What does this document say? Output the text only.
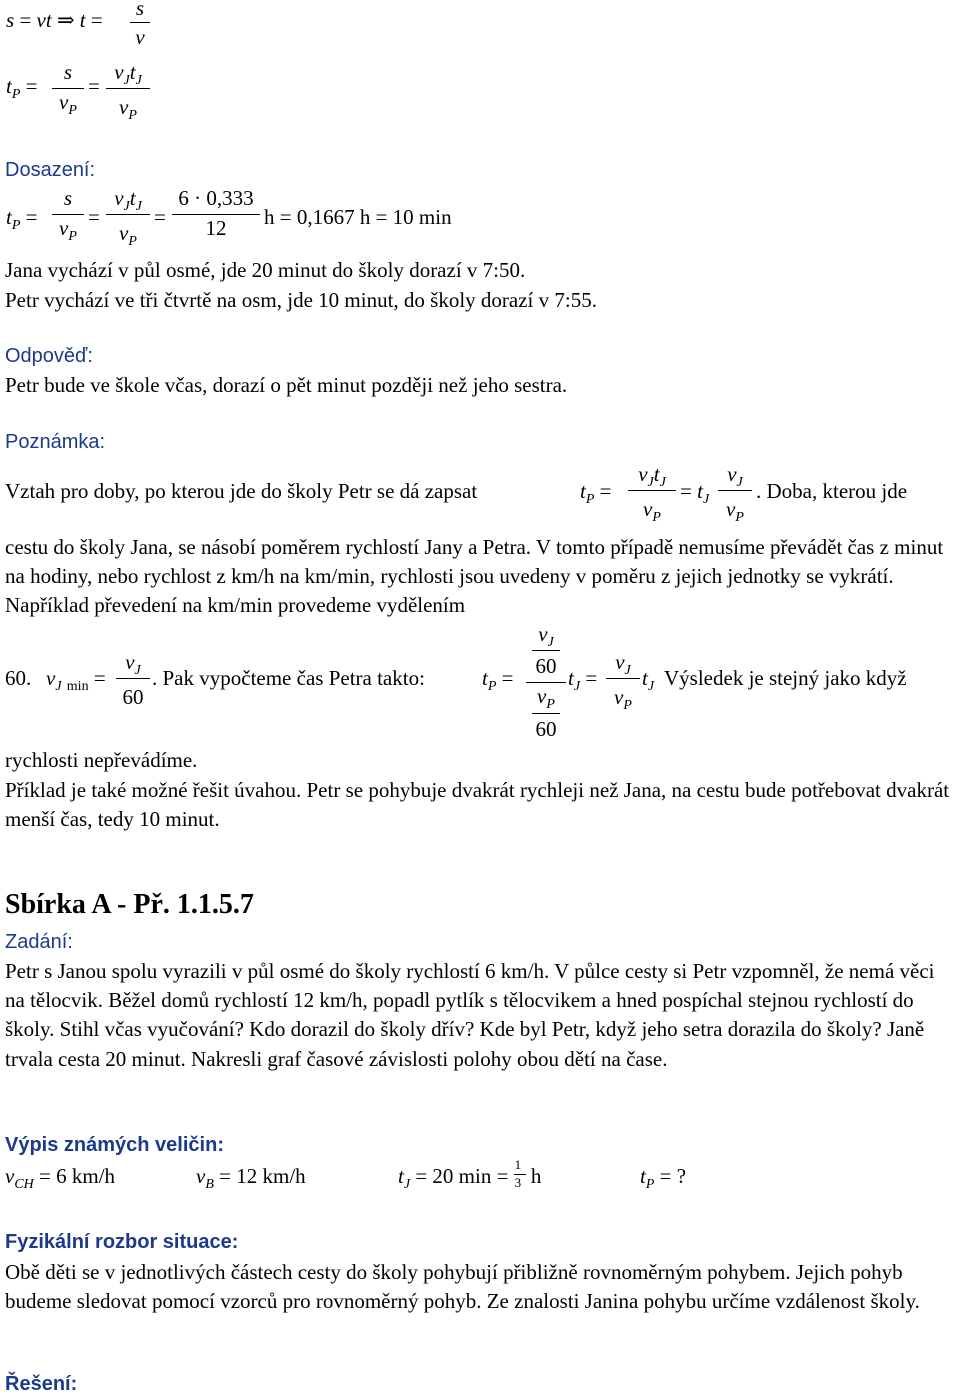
s = vt ⇒ t = s
v
$t_P$ =
s
$v_P$
=
$v_Jt_J$
$v_P$
Dosazení:
$t_P$ =
s
$v_P$
=
$v_Jt_J$
$v_P$
=
6 · 0,333
12	h = 0,1667 h = 10 min
Jana vychází v půl osmé, jde 20 minut do školy dorazí v 7:50.
Petr vychází ve tři čtvrtě na osm, jde 10 minut, do školy dorazí v 7:55.
Odpověď:
Petr bude ve škole včas, dorazí o pět minut později než jeho sestra.
Poznámka:
Vztah pro doby, po kterou jde do školy Petr se dá zapsat	$t_P$ =
$v_Jt_J$
$v_P$
= $t_J$
$v_J$
$v_P$
. Doba, kterou jde
cestu do školy Jana, se násobí poměrem rychlostí Jany a Petra. V tomto případě nemusíme převádět čas z minut na hodiny, nebo rychlost z km/h na km/min, rychlosti jsou uvedeny v poměru z jejich jednotky se vykrátí. Například převedení na km/min provedeme vydělením
60. $v_J$ $_{min}$ =
$v_J$
60
. Pak vypočteme čas Petra takto:	$t_P$ =
$v_J$
60
$v_P$
60
$t_J$ =
$v_J$
$v_P$
$t_J$ Výsledek je stejný jako když
rychlosti nepřevádíme.
Příklad je také možné řešit úvahou. Petr se pohybuje dvakrát rychleji než Jana, na cestu bude potřebovat dvakrát menší čas, tedy 10 minut.
Sbírka A - Př. 1.1.5.7
Zadání:
Petr s Janou spolu vyrazili v půl osmé do školy rychlostí 6 km/h. V půlce cesty si Petr vzpomněl, že nemá věci na tělocvik. Běžel domů rychlostí 12 km/h, popadl pytlík s tělocvikem a hned pospíchal stejnou rychlostí do školy. Stihl včas vyučování? Kdo dorazil do školy dřív? Kde byl Petr, když jeho setra dorazila do školy? Janě trvala cesta 20 minut. Nakresli graf časové závislosti polohy obou dětí na čase.
Výpis známých veličin:
$v_{CH} = 6$ km/h	$v_B = 12$ km/h	$t_J = 20$ $\min = \frac{1}{3}$ h	$t_P$ = ?
Fyzikální rozbor situace:
Obě děti se v jednotlivých částech cesty do školy pohybují přibližně rovnoměrným pohybem. Jejich pohyb budeme sledovat pomocí vzorců pro rovnoměrný pohyb. Ze znalosti Janina pohybu určíme vzdálenost školy.
Řešení:
